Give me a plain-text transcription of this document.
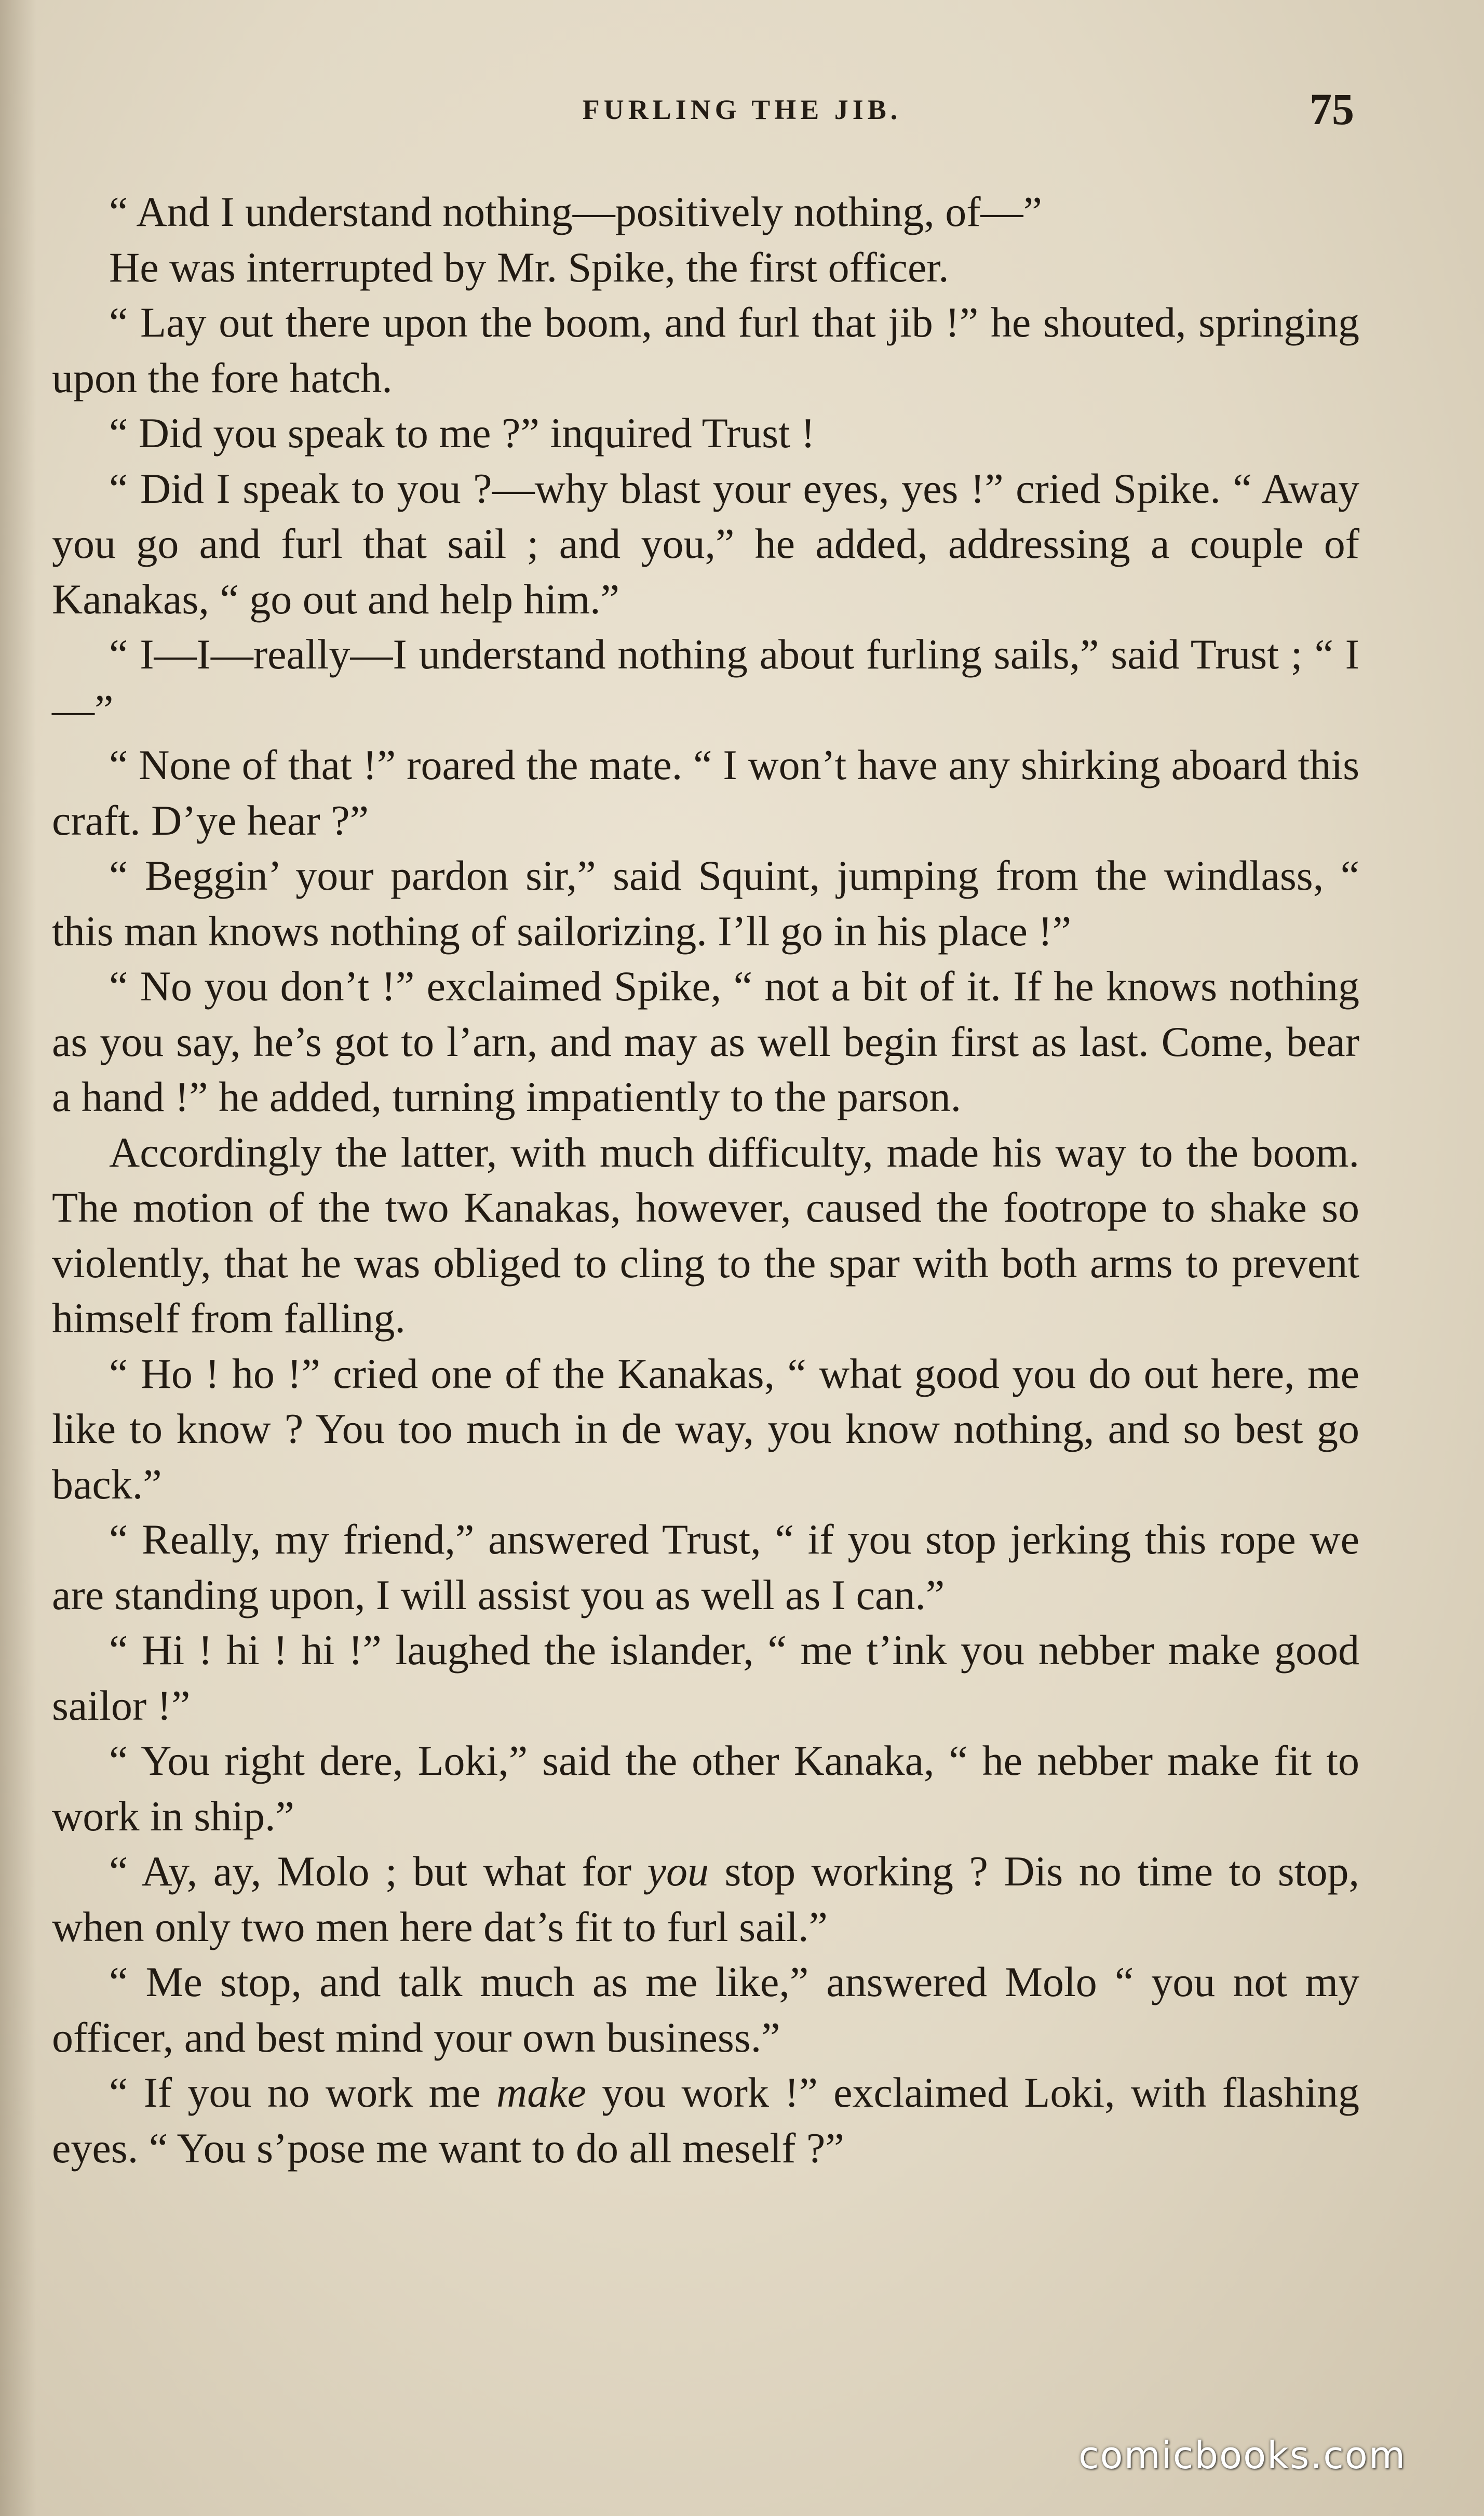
FURLING THE JIB.	75

“ And I understand nothing—positively nothing, of—”

He was interrupted by Mr. Spike, the first officer.

“ Lay out there upon the boom, and furl that jib !” he shouted, springing upon the fore hatch.

“ Did you speak to me ?” inquired Trust !

“ Did I speak to you ?—why blast your eyes, yes !” cried Spike. “ Away you go and furl that sail ; and you,” he added, addressing a couple of Kanakas, “ go out and help him.”

“ I—I—really—I understand nothing about furling sails,” said Trust ; “ I—”

“ None of that !” roared the mate. “ I won’t have any shirking aboard this craft. D’ye hear ?”

“ Beggin’ your pardon sir,” said Squint, jumping from the windlass, “ this man knows nothing of sailorizing. I’ll go in his place !”

“ No you don’t !” exclaimed Spike, “ not a bit of it. If he knows nothing as you say, he’s got to l’arn, and may as well begin first as last. Come, bear a hand !” he added, turning impatiently to the parson.

Accordingly the latter, with much difficulty, made his way to the boom. The motion of the two Kanakas, however, caused the footrope to shake so violently, that he was obliged to cling to the spar with both arms to prevent himself from falling.

“ Ho ! ho !” cried one of the Kanakas, “ what good you do out here, me like to know ? You too much in de way, you know nothing, and so best go back.”

“ Really, my friend,” answered Trust, “ if you stop jerking this rope we are standing upon, I will assist you as well as I can.”

“ Hi ! hi ! hi !” laughed the islander, “ me t’ink you nebber make good sailor !”

“ You right dere, Loki,” said the other Kanaka, “ he nebber make fit to work in ship.”

“ Ay, ay, Molo ; but what for you stop working ? Dis no time to stop, when only two men here dat’s fit to furl sail.”

“ Me stop, and talk much as me like,” answered Molo “ you not my officer, and best mind your own business.”

“ If you no work me make you work !” exclaimed Loki, with flashing eyes. “ You s’pose me want to do all meself ?”

comicbooks.com
